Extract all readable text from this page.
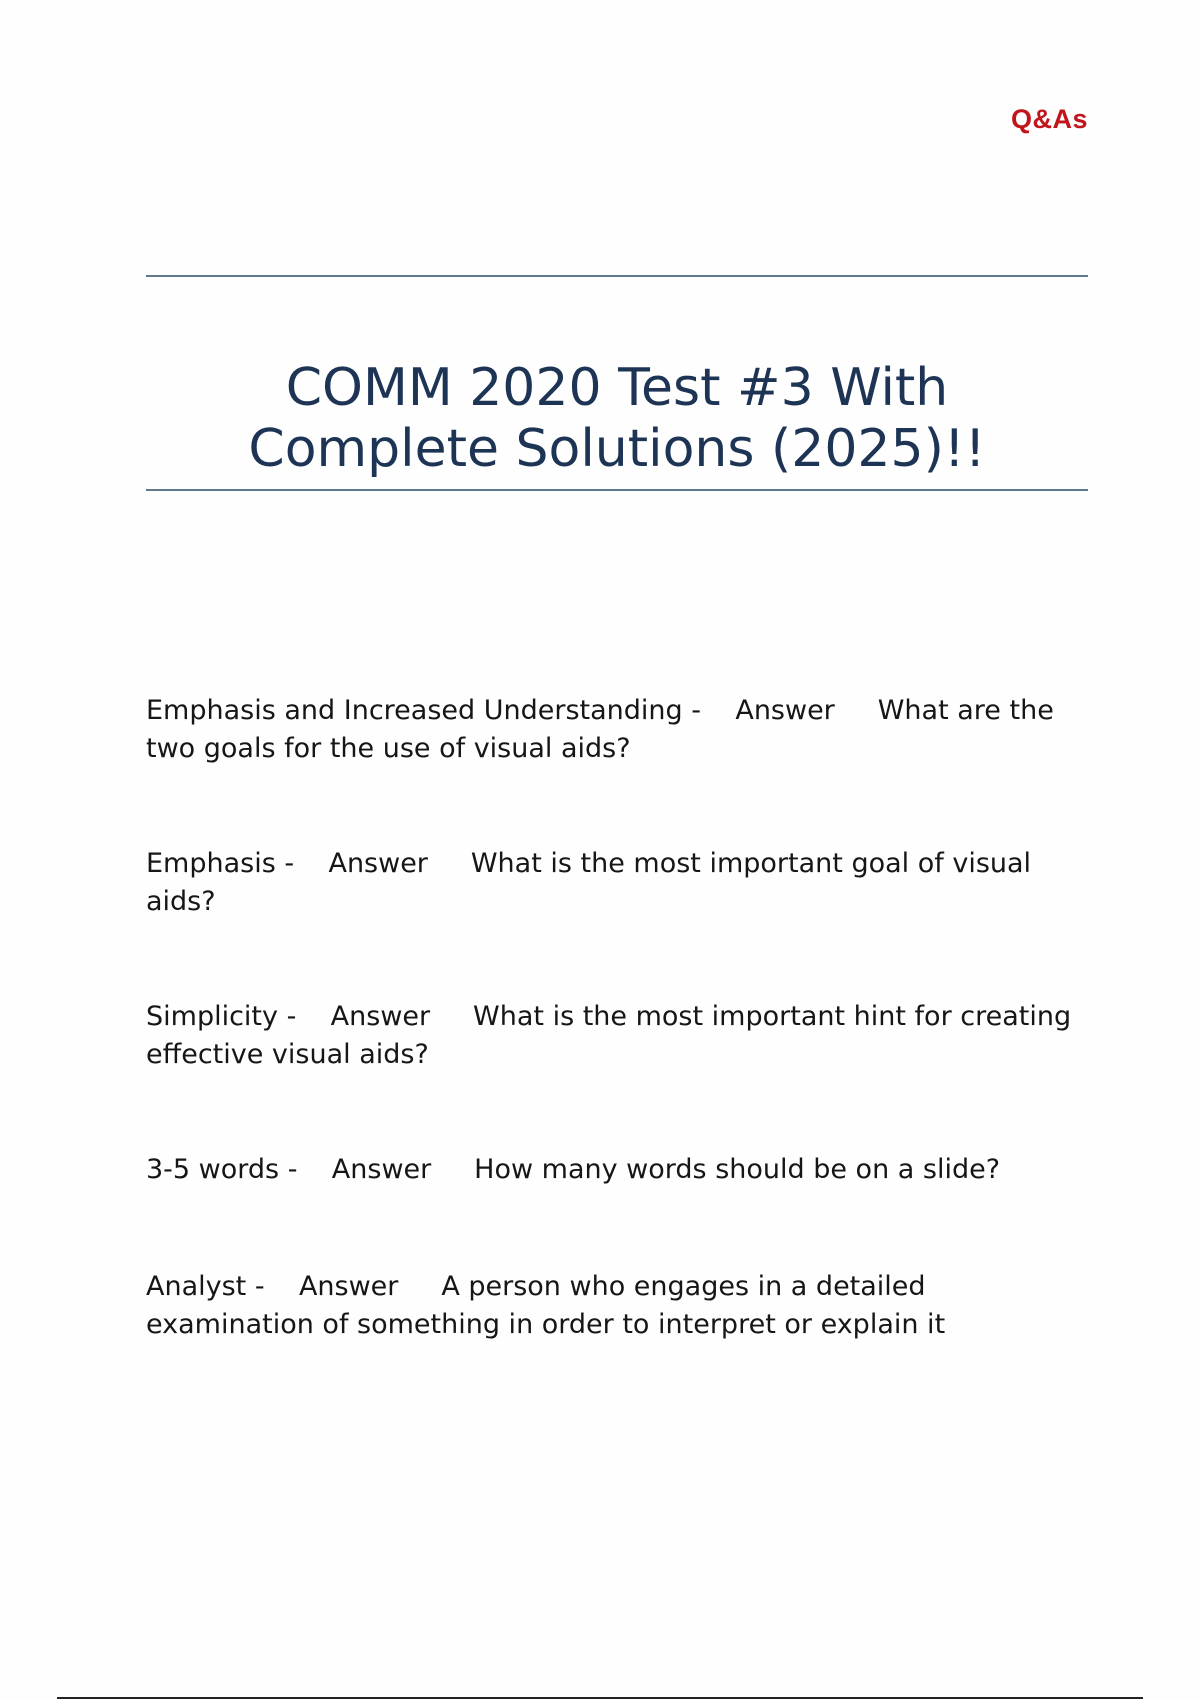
Q&As
COMM 2020 Test #3 With
Complete Solutions (2025)!!

Emphasis and Increased Understanding - Answer What are the two goals for the use of visual aids?

Emphasis - Answer What is the most important goal of visual aids?

Simplicity - Answer What is the most important hint for creating effective visual aids?

3-5 words - Answer How many words should be on a slide?

Analyst - Answer A person who engages in a detailed examination of something in order to interpret or explain it
